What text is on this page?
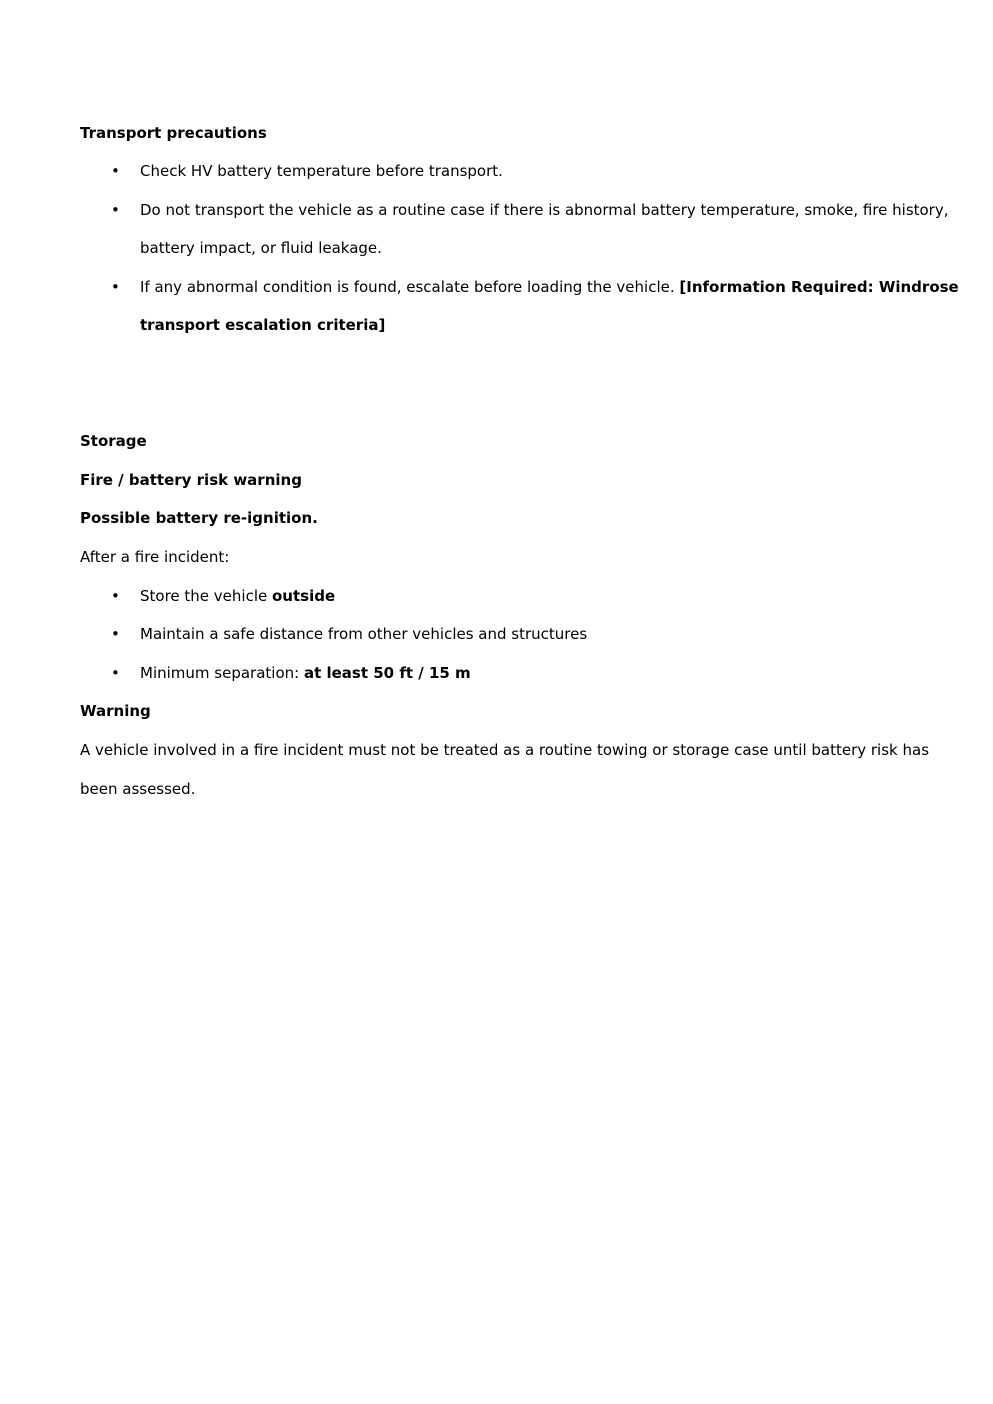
Transport precautions
• Check HV battery temperature before transport.
• Do not transport the vehicle as a routine case if there is abnormal battery temperature, smoke, fire history,
battery impact, or fluid leakage.
• If any abnormal condition is found, escalate before loading the vehicle. [Information Required: Windrose
transport escalation criteria]
Storage
Fire / battery risk warning
Possible battery re-ignition.
After a fire incident:
• Store the vehicle outside
• Maintain a safe distance from other vehicles and structures
• Minimum separation: at least 50 ft / 15 m
Warning
A vehicle involved in a fire incident must not be treated as a routine towing or storage case until battery risk has
been assessed.
